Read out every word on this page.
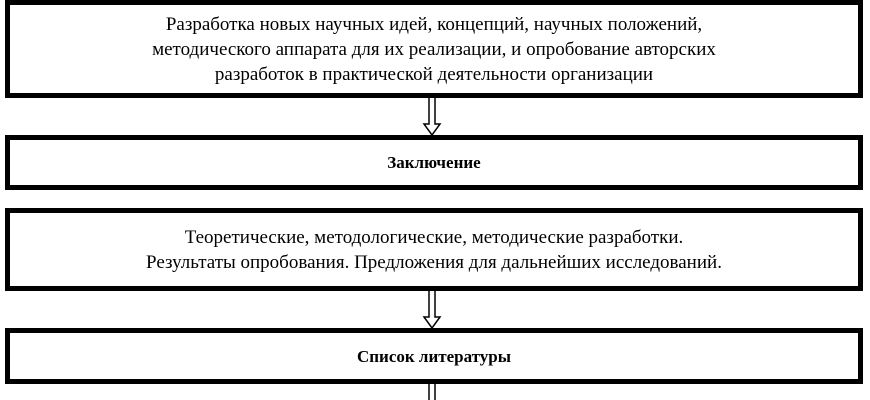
Разработка новых научных идей, концепций, научных положений,
методического аппарата для их реализации, и опробование авторских
разработок в практической деятельности организации
Заключение
Теоретические, методологические, методические разработки.
Результаты опробования. Предложения для дальнейших исследований.
Список литературы
